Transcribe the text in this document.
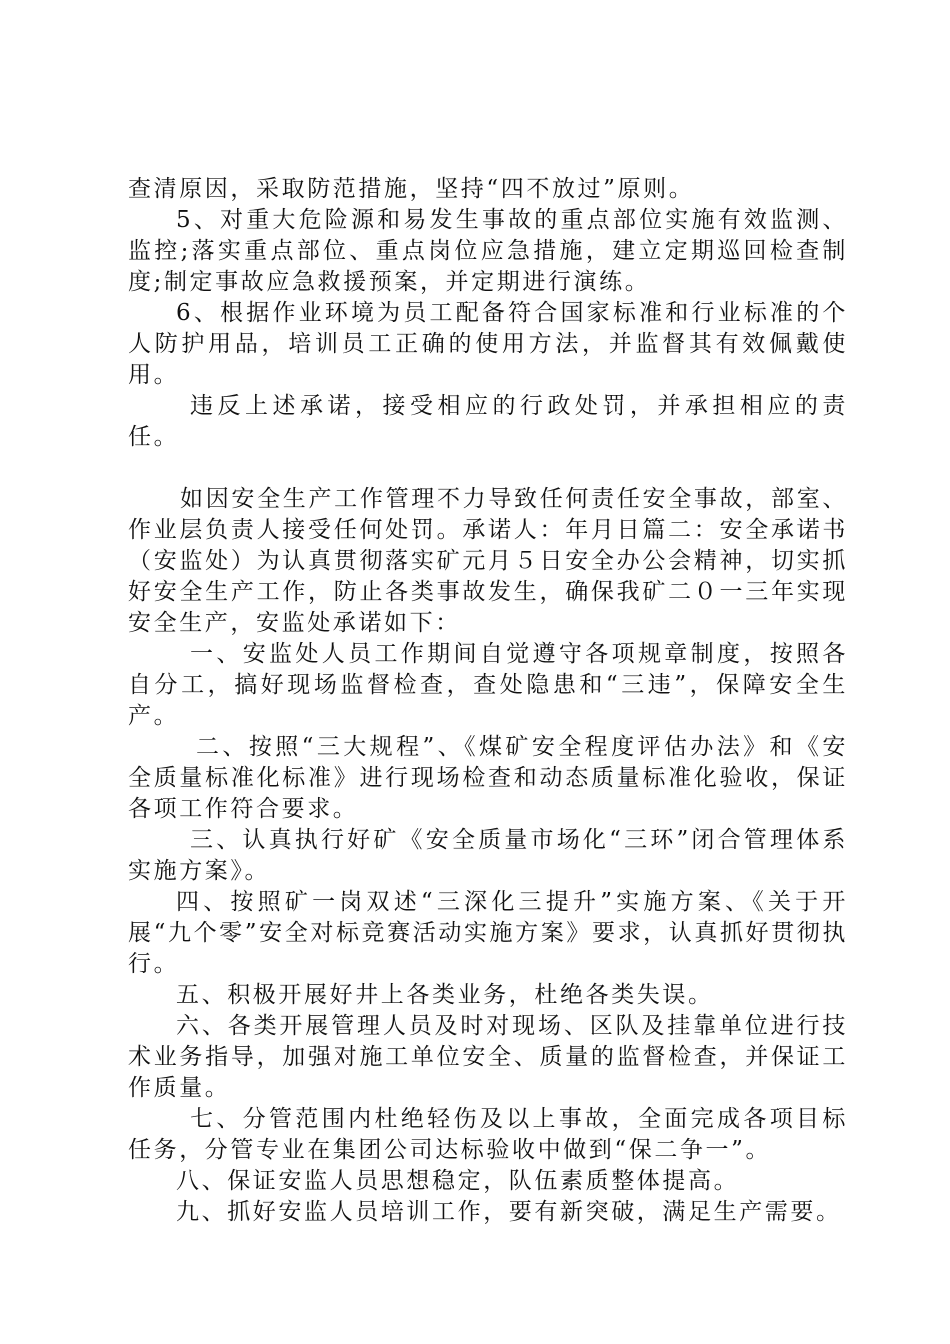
查清原因，采取防范措施，坚持“四不放过”原则。

5、对重大危险源和易发生事故的重点部位实施有效监测、监控;落实重点部位、重点岗位应急措施，建立定期巡回检查制度;制定事故应急救援预案，并定期进行演练。

6、根据作业环境为员工配备符合国家标准和行业标准的个人防护用品，培训员工正确的使用方法，并监督其有效佩戴使用。

违反上述承诺，接受相应的行政处罚，并承担相应的责任。

如因安全生产工作管理不力导致任何责任安全事故，部室、作业层负责人接受任何处罚。承诺人：年月日篇二：安全承诺书（安监处）为认真贯彻落实矿元月５日安全办公会精神，切实抓好安全生产工作，防止各类事故发生，确保我矿二０一三年实现安全生产，安监处承诺如下：

一、安监处人员工作期间自觉遵守各项规章制度，按照各自分工，搞好现场监督检查，查处隐患和“三违”，保障安全生产。

二、按照“三大规程”、《煤矿安全程度评估办法》和《安全质量标准化标准》进行现场检查和动态质量标准化验收，保证各项工作符合要求。

三、认真执行好矿《安全质量市场化“三环”闭合管理体系实施方案》。

四、按照矿一岗双述“三深化三提升”实施方案、《关于开展“九个零”安全对标竞赛活动实施方案》要求，认真抓好贯彻执行。

五、积极开展好井上各类业务，杜绝各类失误。

六、各类开展管理人员及时对现场、区队及挂靠单位进行技术业务指导，加强对施工单位安全、质量的监督检查，并保证工作质量。

七、分管范围内杜绝轻伤及以上事故，全面完成各项目标任务，分管专业在集团公司达标验收中做到“保二争一”。

八、保证安监人员思想稳定，队伍素质整体提高。

九、抓好安监人员培训工作，要有新突破，满足生产需要。
